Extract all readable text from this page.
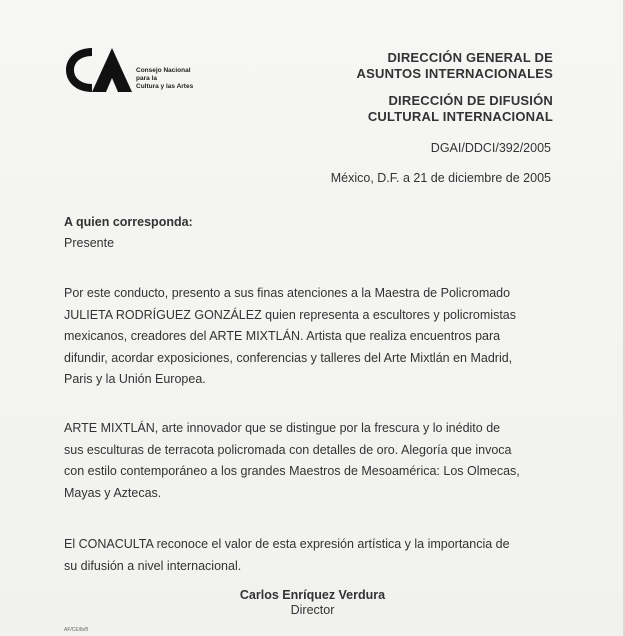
Consejo Nacional
para la
Cultura y las Artes
DIRECCIÓN GENERAL DE
ASUNTOS INTERNACIONALES
DIRECCIÓN DE DIFUSIÓN
CULTURAL INTERNACIONAL
DGAI/DDCI/392/2005
México, D.F. a 21 de diciembre de 2005
A quien corresponda:
Presente
Por este conducto, presento a sus finas atenciones a la Maestra de Policromado
JULIETA RODRÍGUEZ GONZÁLEZ quien representa a escultores y policromistas
mexicanos, creadores del ARTE MIXTLÁN. Artista que realiza encuentros para
difundir, acordar exposiciones, conferencias y talleres del Arte Mixtlán en Madrid,
Paris y la Unión Europea.
ARTE MIXTLÁN, arte innovador que se distingue por la frescura y lo inédito de
sus esculturas de terracota policromada con detalles de oro. Alegoría que invoca
con estilo contemporáneo a los grandes Maestros de Mesoamérica: Los Olmecas,
Mayas y Aztecas.
El CONACULTA reconoce el valor de esta expresión artística y la importancia de
su difusión a nivel internacional.
Carlos Enríquez Verdura
Director
AF/CE/lb/fl
